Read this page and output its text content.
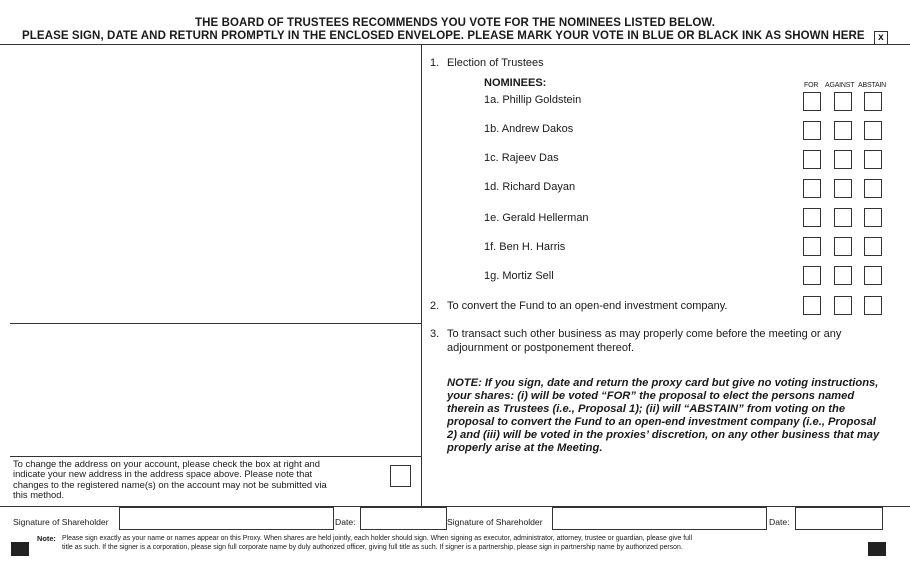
THE BOARD OF TRUSTEES RECOMMENDS YOU VOTE FOR THE NOMINEES LISTED BELOW.
PLEASE SIGN, DATE AND RETURN PROMPTLY IN THE ENCLOSED ENVELOPE. PLEASE MARK YOUR VOTE IN BLUE OR BLACK INK AS SHOWN HERE x
1. Election of Trustees
NOMINEES:	FOR AGAINST ABSTAIN
1a. Phillip Goldstein
1b. Andrew Dakos
1c. Rajeev Das
1d. Richard Dayan
1e. Gerald Hellerman
1f. Ben H. Harris
1g. Mortiz Sell
2. To convert the Fund to an open-end investment company.
3. To transact such other business as may properly come before the meeting or any
adjournment or postponement thereof.
NOTE: If you sign, date and return the proxy card but give no voting instructions,
your shares: (i) will be voted “FOR” the proposal to elect the persons named
therein as Trustees (i.e., Proposal 1); (ii) will “ABSTAIN” from voting on the
proposal to convert the Fund to an open-end investment company (i.e., Proposal
2) and (iii) will be voted in the proxies’ discretion, on any other business that may
properly arise at the Meeting.
To change the address on your account, please check the box at right and
indicate your new address in the address space above. Please note that
changes to the registered name(s) on the account may not be submitted via
this method.
Signature of Shareholder	Date:	Signature of Shareholder	Date:
Note: Please sign exactly as your name or names appear on this Proxy. When shares are held jointly, each holder should sign. When signing as executor, administrator, attorney, trustee or guardian, please give full
title as such. If the signer is a corporation, please sign full corporate name by duly authorized officer, giving full title as such. If signer is a partnership, please sign in partnership name by authorized person.
